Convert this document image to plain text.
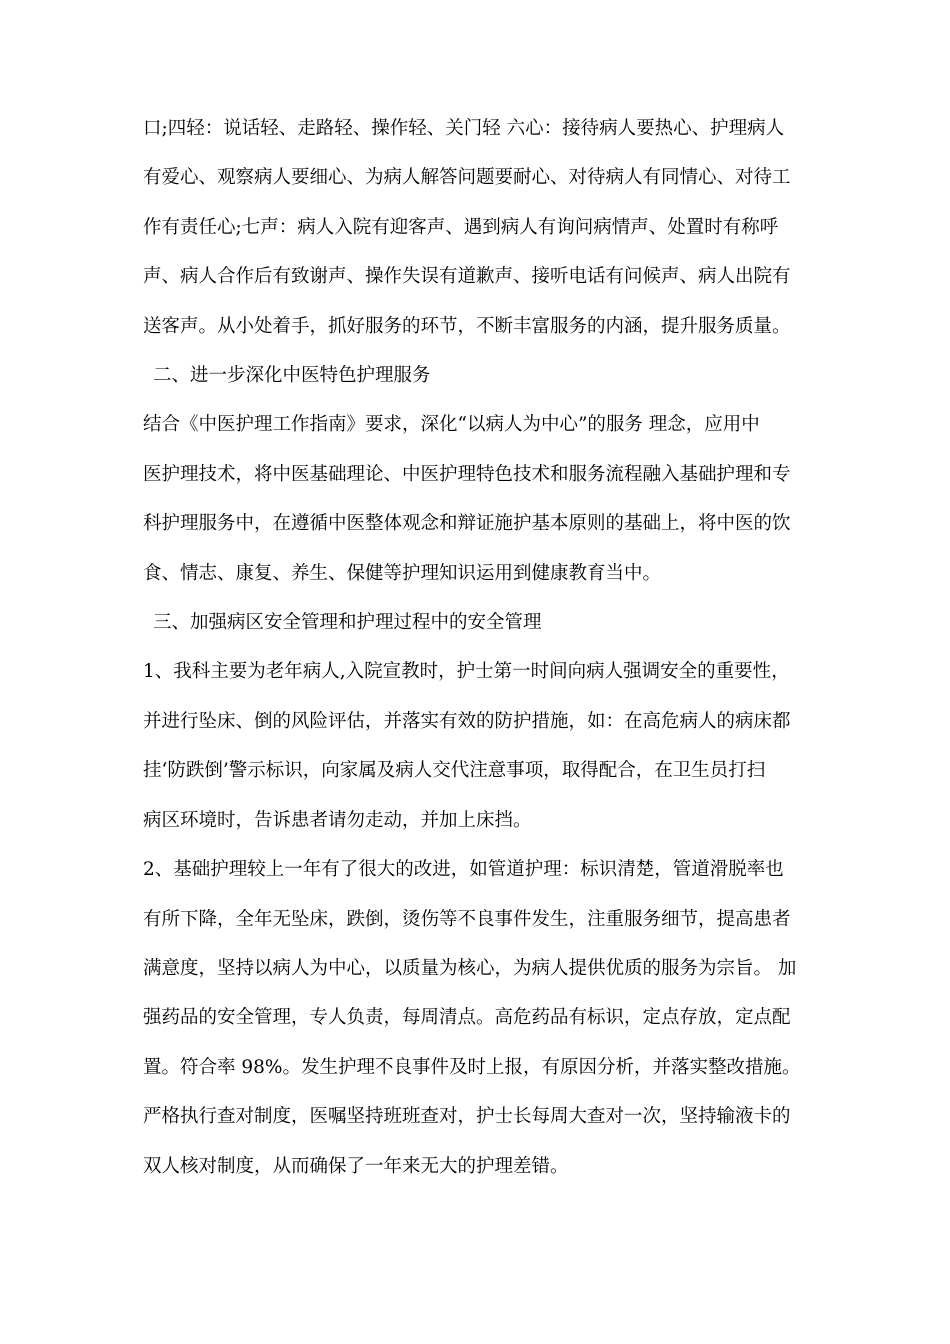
口;四轻：说话轻、走路轻、操作轻、关门轻 六心：接待病人要热心、护理病人
有爱心、观察病人要细心、为病人解答问题要耐心、对待病人有同情心、对待工
作有责任心;七声：病人入院有迎客声、遇到病人有询问病情声、处置时有称呼
声、病人合作后有致谢声、操作失误有道歉声、接听电话有问候声、病人出院有
送客声。从小处着手，抓好服务的环节，不断丰富服务的内涵，提升服务质量。

二、进一步深化中医特色护理服务

结合《中医护理工作指南》要求，深化“以病人为中心”的服务 理念，应用中
医护理技术，将中医基础理论、中医护理特色技术和服务流程融入基础护理和专
科护理服务中，在遵循中医整体观念和辩证施护基本原则的基础上，将中医的饮
食、情志、康复、养生、保健等护理知识运用到健康教育当中。

三、加强病区安全管理和护理过程中的安全管理

1、我科主要为老年病人,入院宣教时，护士第一时间向病人强调安全的重要性，
并进行坠床、倒的风险评估，并落实有效的防护措施，如：在高危病人的病床都
挂‘防跌倒’警示标识，向家属及病人交代注意事项，取得配合，在卫生员打扫
病区环境时，告诉患者请勿走动，并加上床挡。

2、基础护理较上一年有了很大的改进，如管道护理：标识清楚，管道滑脱率也
有所下降，全年无坠床，跌倒，烫伤等不良事件发生，注重服务细节，提高患者
满意度，坚持以病人为中心，以质量为核心，为病人提供优质的服务为宗旨。 加
强药品的安全管理，专人负责，每周清点。高危药品有标识，定点存放，定点配
置。符合率 98%。发生护理不良事件及时上报，有原因分析，并落实整改措施。
严格执行查对制度，医嘱坚持班班查对，护士长每周大查对一次，坚持输液卡的
双人核对制度，从而确保了一年来无大的护理差错。
